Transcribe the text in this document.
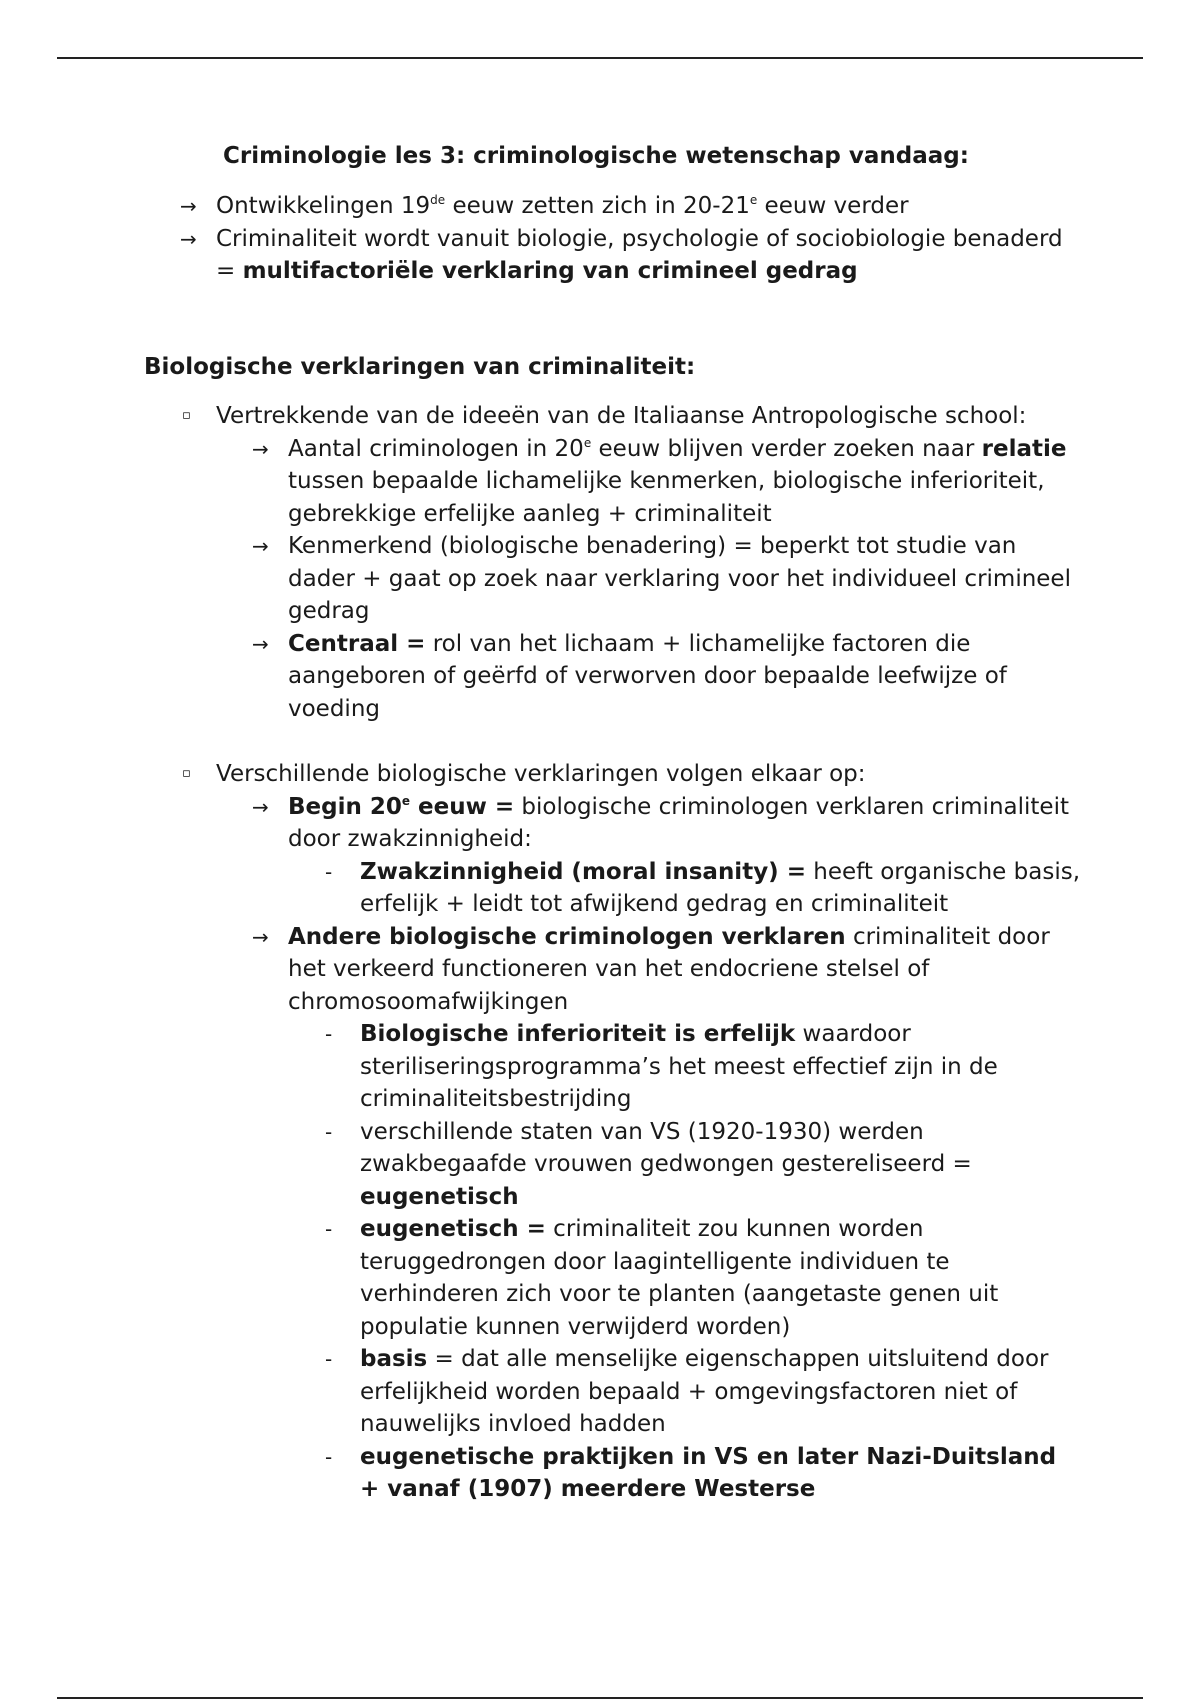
Criminologie les 3: criminologische wetenschap vandaag:
→ Ontwikkelingen 19de eeuw zetten zich in 20-21e eeuw verder
→ Criminaliteit wordt vanuit biologie, psychologie of sociobiologie benaderd = multifactoriële verklaring van crimineel gedrag
Biologische verklaringen van criminaliteit:
▫ Vertrekkende van de ideeën van de Italiaanse Antropologische school:
→ Aantal criminologen in 20e eeuw blijven verder zoeken naar relatie tussen bepaalde lichamelijke kenmerken, biologische inferioriteit, gebrekkige erfelijke aanleg + criminaliteit
→ Kenmerkend (biologische benadering) = beperkt tot studie van dader + gaat op zoek naar verklaring voor het individueel crimineel gedrag
→ Centraal = rol van het lichaam + lichamelijke factoren die aangeboren of geërfd of verworven door bepaalde leefwijze of voeding
▫ Verschillende biologische verklaringen volgen elkaar op:
→ Begin 20e eeuw = biologische criminologen verklaren criminaliteit door zwakzinnigheid:
- Zwakzinnigheid (moral insanity) = heeft organische basis, erfelijk + leidt tot afwijkend gedrag en criminaliteit
→ Andere biologische criminologen verklaren criminaliteit door het verkeerd functioneren van het endocriene stelsel of chromosoomafwijkingen
- Biologische inferioriteit is erfelijk waardoor steriliseringsprogramma’s het meest effectief zijn in de criminaliteitsbestrijding
- verschillende staten van VS (1920-1930) werden zwakbegaafde vrouwen gedwongen gestereliseerd = eugenetisch
- eugenetisch = criminaliteit zou kunnen worden teruggedrongen door laagintelligente individuen te verhinderen zich voor te planten (aangetaste genen uit populatie kunnen verwijderd worden)
- basis = dat alle menselijke eigenschappen uitsluitend door erfelijkheid worden bepaald + omgevingsfactoren niet of nauwelijks invloed hadden
- eugenetische praktijken in VS en later Nazi-Duitsland + vanaf (1907) meerdere Westerse
